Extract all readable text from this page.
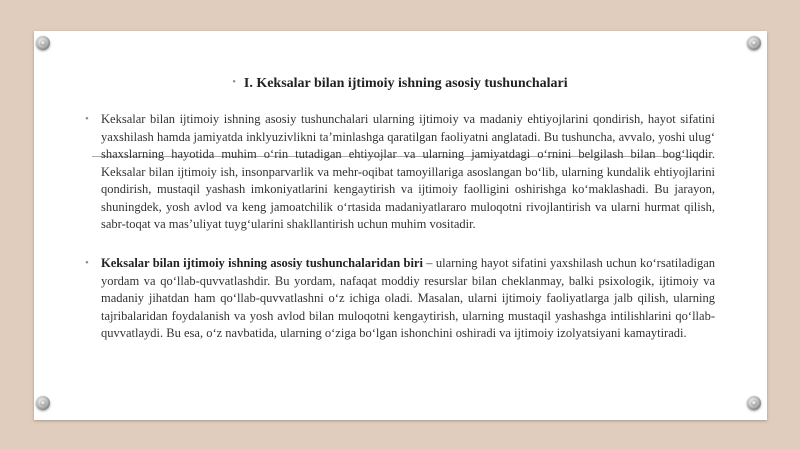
• I. Keksalar bilan ijtimoiy ishning asosiy tushunchalari
• Keksalar bilan ijtimoiy ishning asosiy tushunchalari ularning ijtimoiy va madaniy ehtiyojlarini qondirish, hayot sifatini yaxshilash hamda jamiyatda inklyuzivlikni taʼminlashga qaratilgan faoliyatni anglatadi. Bu tushuncha, avvalo, yoshi ulugʻ shaxslarning hayotida muhim oʻrin tutadigan ehtiyojlar va ularning jamiyatdagi oʻrnini belgilash bilan bogʻliqdir. Keksalar bilan ijtimoiy ish, insonparvarlik va mehr-oqibat tamoyillariga asoslangan boʻlib, ularning kundalik ehtiyojlarini qondirish, mustaqil yashash imkoniyatlarini kengaytirish va ijtimoiy faolligini oshirishga koʻmaklashadi. Bu jarayon, shuningdek, yosh avlod va keng jamoatchilik oʻrtasida madaniyatlararo muloqotni rivojlantirish va ularni hurmat qilish, sabr-toqat va masʼuliyat tuygʻularini shakllantirish uchun muhim vositadir.
• Keksalar bilan ijtimoiy ishning asosiy tushunchalaridan biri – ularning hayot sifatini yaxshilash uchun koʻrsatiladigan yordam va qoʻllab-quvvatlashdir. Bu yordam, nafaqat moddiy resurslar bilan cheklanmay, balki psixologik, ijtimoiy va madaniy jihatdan ham qoʻllab-quvvatlashni oʻz ichiga oladi. Masalan, ularni ijtimoiy faoliyatlarga jalb qilish, ularning tajribalaridan foydalanish va yosh avlod bilan muloqotni kengaytirish, ularning mustaqil yashashga intilishlarini qoʻllab-quvvatlaydi. Bu esa, oʻz navbatida, ularning oʻziga boʻlgan ishonchini oshiradi va ijtimoiy izolyatsiyani kamaytiradi.
